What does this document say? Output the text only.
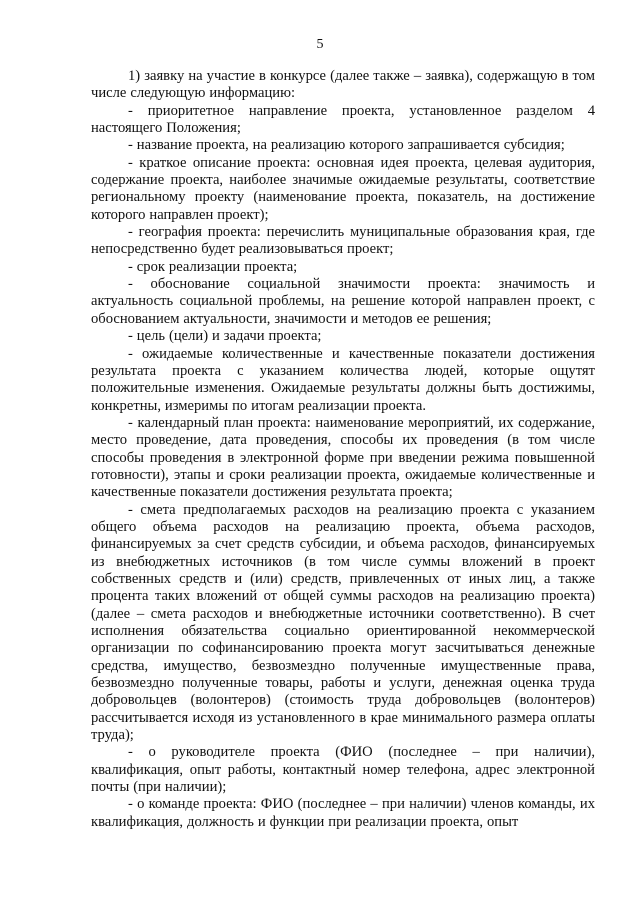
5

1) заявку на участие в конкурсе (далее также – заявка), содержащую в том числе следующую информацию:

- приоритетное направление проекта, установленное разделом 4 настоящего Положения;

- название проекта, на реализацию которого запрашивается субсидия;

- краткое описание проекта: основная идея проекта, целевая аудитория, содержание проекта, наиболее значимые ожидаемые результаты, соответствие региональному проекту (наименование проекта, показатель, на достижение которого направлен проект);

- география проекта: перечислить муниципальные образования края, где непосредственно будет реализовываться проект;

- срок реализации проекта;

- обоснование социальной значимости проекта: значимость и актуальность социальной проблемы, на решение которой направлен проект, с обоснованием актуальности, значимости и методов ее решения;

- цель (цели) и задачи проекта;

- ожидаемые количественные и качественные показатели достижения результата проекта с указанием количества людей, которые ощутят положительные изменения. Ожидаемые результаты должны быть достижимы, конкретны, измеримы по итогам реализации проекта.

- календарный план проекта: наименование мероприятий, их содержание, место проведение, дата проведения, способы их проведения (в том числе способы проведения в электронной форме при введении режима повышенной готовности), этапы и сроки реализации проекта, ожидаемые количественные и качественные показатели достижения результата проекта;

- смета предполагаемых расходов на реализацию проекта с указанием общего объема расходов на реализацию проекта, объема расходов, финансируемых за счет средств субсидии, и объема расходов, финансируемых из внебюджетных источников (в том числе суммы вложений в проект собственных средств и (или) средств, привлеченных от иных лиц, а также процента таких вложений от общей суммы расходов на реализацию проекта) (далее – смета расходов и внебюджетные источники соответственно). В счет исполнения обязательства социально ориентированной некоммерческой организации по софинансированию проекта могут засчитываться денежные средства, имущество, безвозмездно полученные имущественные права, безвозмездно полученные товары, работы и услуги, денежная оценка труда добровольцев (волонтеров) (стоимость труда добровольцев (волонтеров) рассчитывается исходя из установленного в крае минимального размера оплаты труда);

- о руководителе проекта (ФИО (последнее – при наличии), квалификация, опыт работы, контактный номер телефона, адрес электронной почты (при наличии);

- о команде проекта: ФИО (последнее – при наличии) членов команды, их квалификация, должность и функции при реализации проекта, опыт
